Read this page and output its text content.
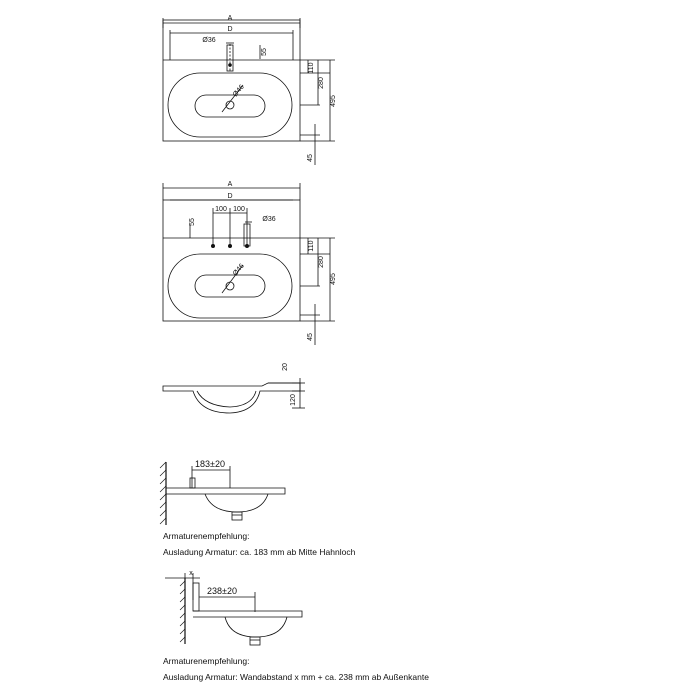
A
D
Ø36
55
Ø46
110
280
495
45
A
D
100 100
Ø36
55
Ø46
110
280
495
45
20
120
183±20
x
238±20
Armaturenempfehlung:
Ausladung Armatur: ca. 183 mm ab Mitte Hahnloch
Armaturenempfehlung:
Ausladung Armatur: Wandabstand x mm + ca. 238 mm ab Außenkante
